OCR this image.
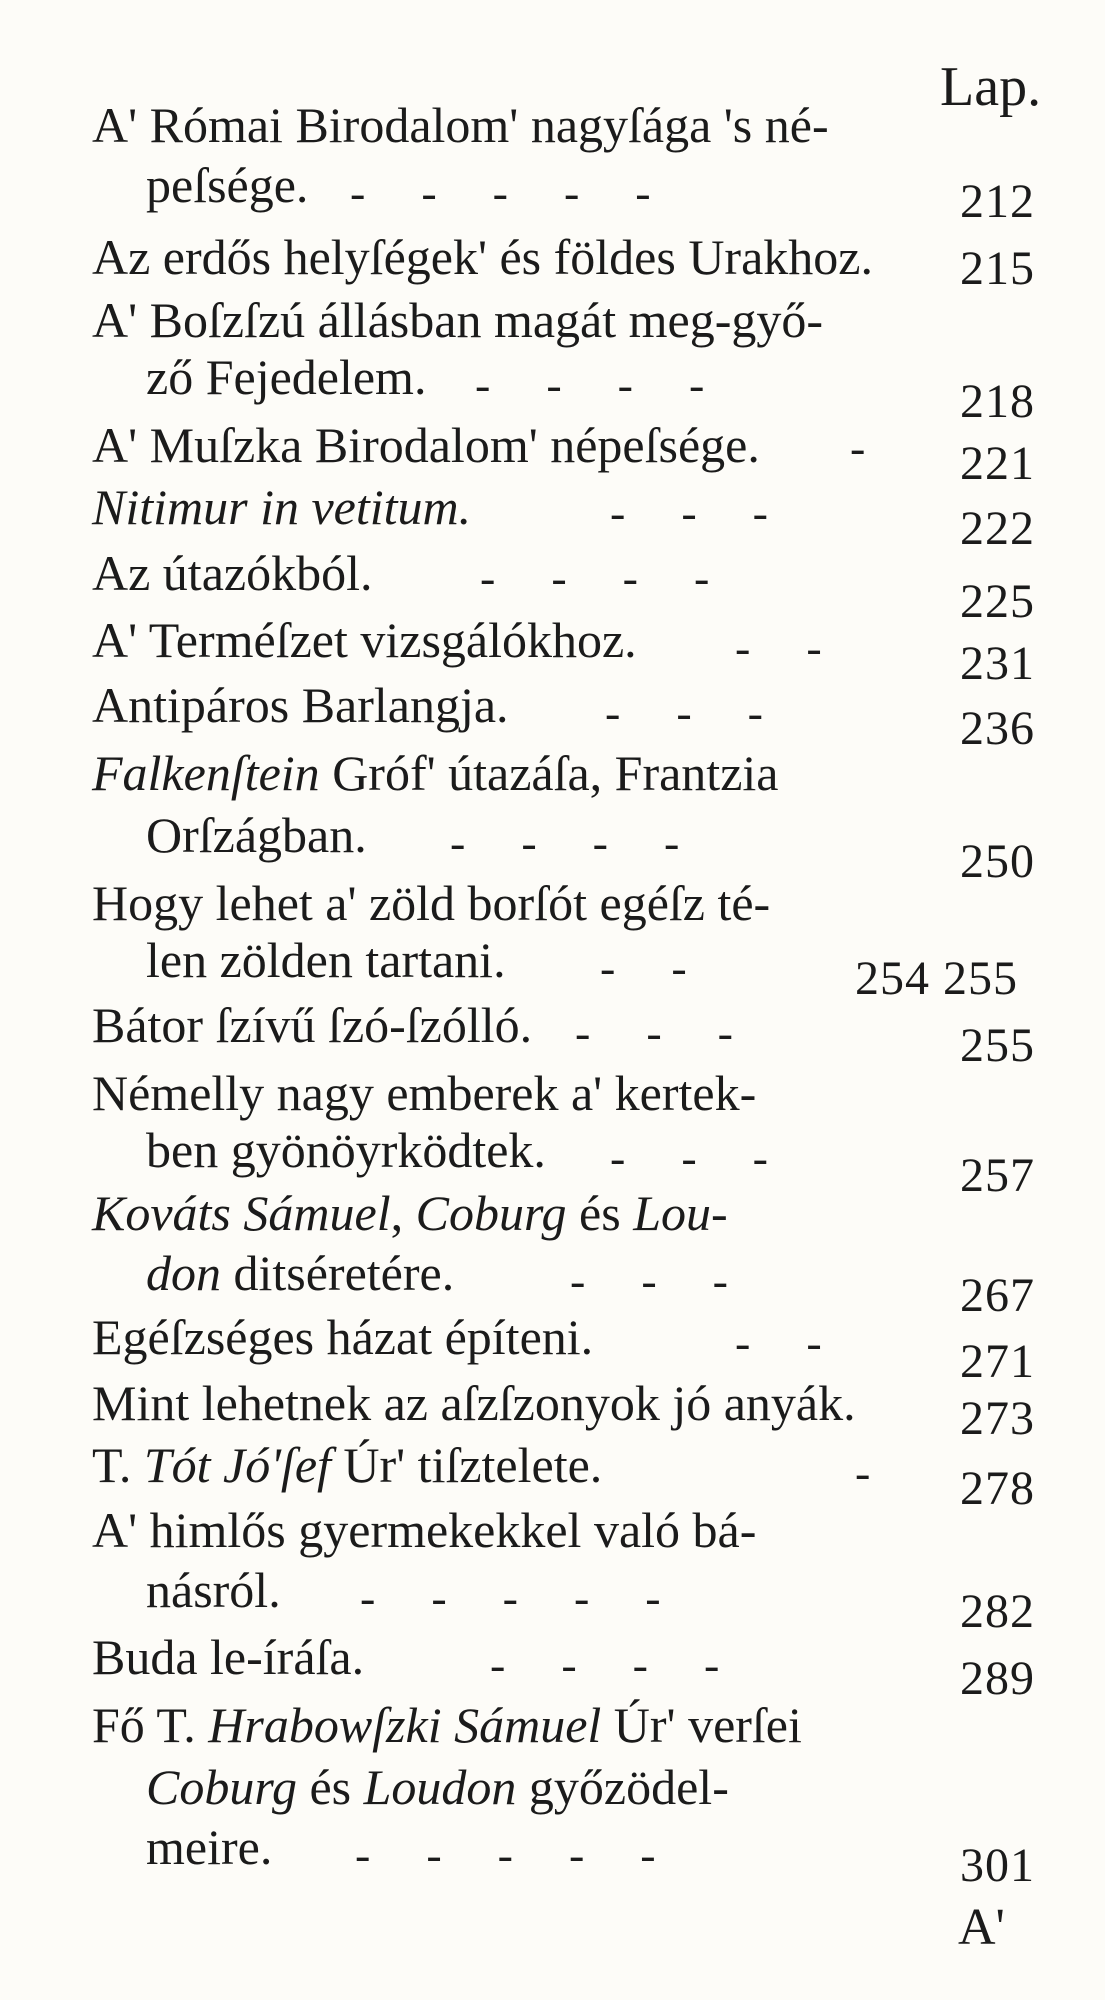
Lap.
A' Római Birodalom' nagyſága 's né-
peſsége. -    -    -    -    -	212
Az erdős helyſégek' és földes Urakhoz. 215
A' Boſzſzú állásban magát meg-győ-
ző Fejedelem. -    -    -    -	218
A' Muſzka Birodalom' népeſsége. - 221
Nitimur in vetitum.	-    -    -	222
Az útazókból. -    -    -    -	225
A' Terméſzet vizsgálókhoz. -    -	231
Antipáros Barlangja. -    -    -	236
Falkenſtein Gróf' útazáſa, Frantzia
Orſzágban. -    -    -    -	250
Hogy lehet a' zöld borſót egéſz té-
len zölden tartani. -    -	254 255
Bátor ſzívű ſzó-ſzólló. -    -    -	255
Némelly nagy emberek a' kertek-
ben gyönöyrködtek. -    -    -	257
Kováts Sámuel, Coburg és Lou-
don ditséretére.	-    -    -	267
Egéſzséges házat építeni.	-    -	271
Mint lehetnek az aſzſzonyok jó anyák. 273
T. Tót Jó'ſef Úr' tiſztelete.	- 278
A' himlős gyermekekkel való bá-
násról. -    -    -    -    -	282
Buda le-íráſa.	-    -    -    -	289
Fő T. Hrabowſzki Sámuel Úr' verſei
Coburg és Loudon győzödel-
meire. -    -    -    -    -	301
A'
